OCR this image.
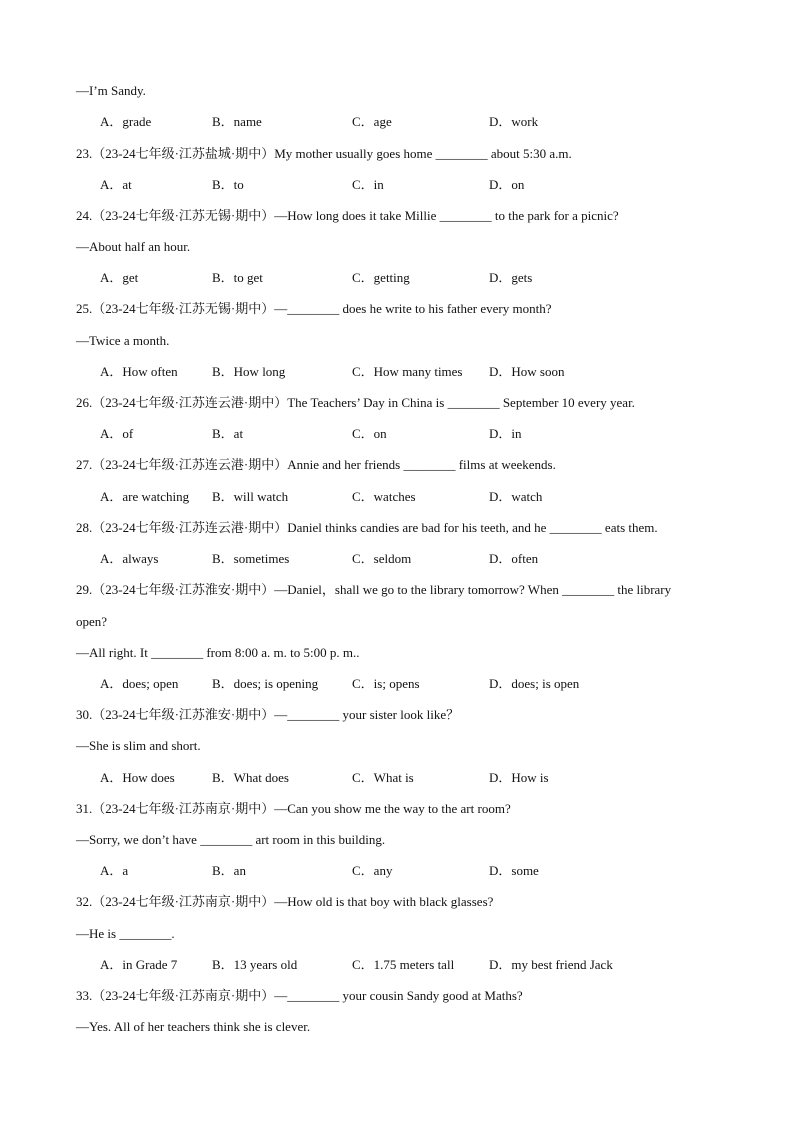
—I’m Sandy.
A．grade	B．name	C．age	D．work
23.（23-24七年级·江苏盐城·期中）My mother usually goes home ________ about 5:30 a.m.
A．at	B．to	C．in	D．on
24.（23-24七年级·江苏无锡·期中）—How long does it take Millie ________ to the park for a picnic?
—About half an hour.
A．get	B．to get	C．getting	D．gets
25.（23-24七年级·江苏无锡·期中）—________ does he write to his father every month?
—Twice a month.
A．How often	B．How long	C．How many times D．How soon
26.（23-24七年级·江苏连云港·期中）The Teachers’ Day in China is ________ September 10 every year.
A．of	B．at	C．on	D．in
27.（23-24七年级·江苏连云港·期中）Annie and her friends ________ films at weekends.
A．are watching B．will watch	C．watches	D．watch
28.（23-24七年级·江苏连云港·期中）Daniel thinks candies are bad for his teeth, and he ________ eats them.
A．always	B．sometimes	C．seldom	D．often
29.（23-24七年级·江苏淮安·期中）—Daniel，shall we go to the library tomorrow? When ________ the library
open?
—All right. It ________ from 8:00 a. m. to 5:00 p. m..
A．does; open	B．does; is opening	C．is; opens	D．does; is open
30.（23-24七年级·江苏淮安·期中）—________ your sister look like？
—She is slim and short.
A．How does	B．What does	C．What is	D．How is
31.（23-24七年级·江苏南京·期中）—Can you show me the way to the art room?
—Sorry, we don’t have ________ art room in this building.
A．a	B．an	C．any	D．some
32.（23-24七年级·江苏南京·期中）—How old is that boy with black glasses?
—He is ________.
A．in Grade 7	B．13 years old	C．1.75 meters tall	D．my best friend Jack
33.（23-24七年级·江苏南京·期中）—________ your cousin Sandy good at Maths?
—Yes. All of her teachers think she is clever.
